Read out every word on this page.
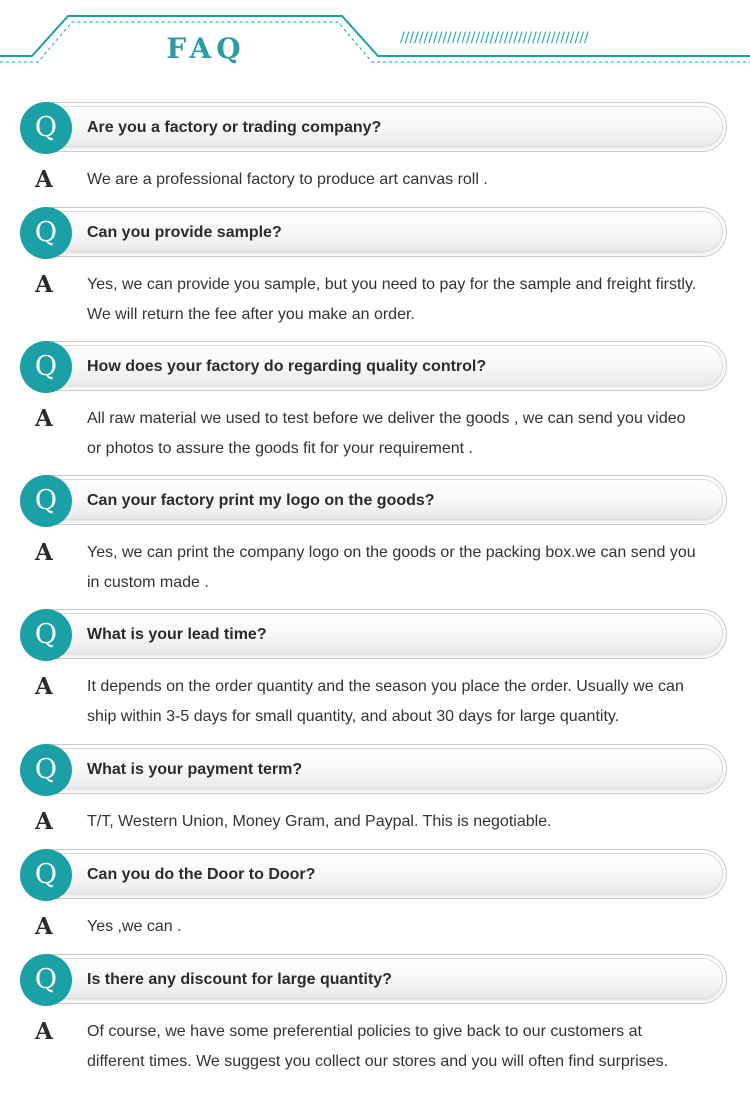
FAQ	////////////////////////////////////////
Q	Are you a factory or trading company?
A We are a professional factory to produce art canvas roll .
Q	Can you provide sample?
A Yes, we can provide you sample, but you need to pay for the sample and freight firstly. We will return the fee after you make an order.
Q	How does your factory do regarding quality control?
A All raw material we used to test before we deliver the goods , we can send you video or photos to assure the goods fit for your requirement .
Q	Can your factory print my logo on the goods?
A Yes, we can print the company logo on the goods or the packing box.we can send you in custom made .
Q	What is your lead time?
A It depends on the order quantity and the season you place the order. Usually we can ship within 3-5 days for small quantity, and about 30 days for large quantity.
Q	What is your payment term?
A T/T, Western Union, Money Gram, and Paypal. This is negotiable.
Q	Can you do the Door to Door?
A Yes ,we can .
Q	Is there any discount for large quantity?
A Of course, we have some preferential policies to give back to our customers at different times. We suggest you collect our stores and you will often find surprises.
